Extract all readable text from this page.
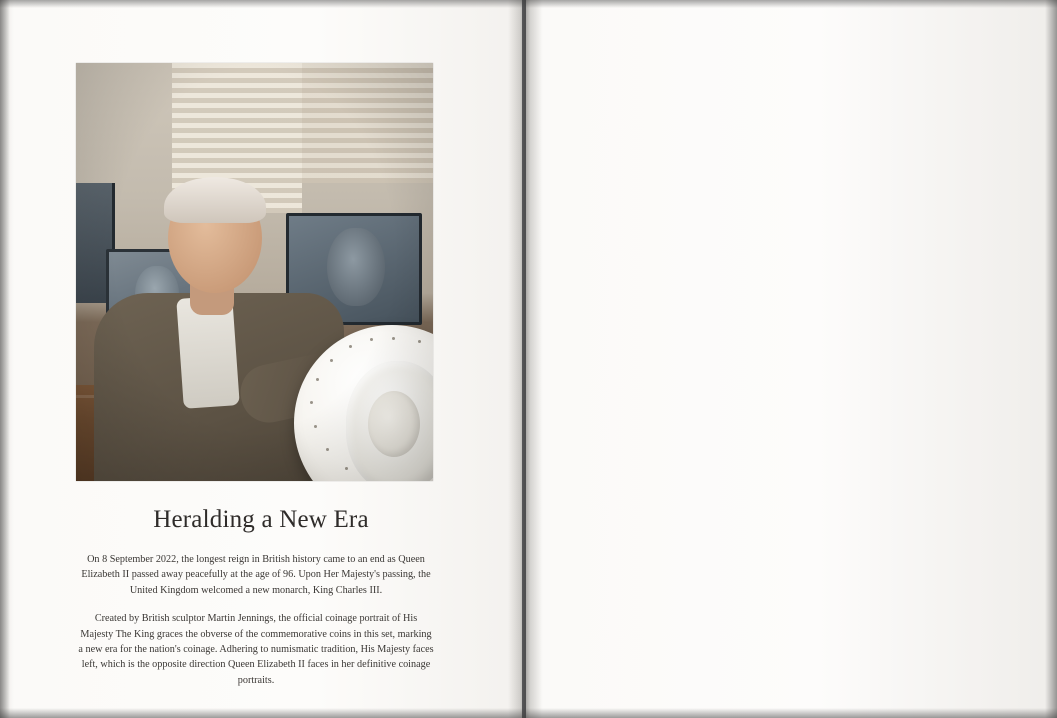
Heralding a New Era

On 8 September 2022, the longest reign in British history came to an end as Queen Elizabeth II passed away peacefully at the age of 96. Upon Her Majesty's passing, the United Kingdom welcomed a new monarch, King Charles III.

Created by British sculptor Martin Jennings, the official coinage portrait of His Majesty The King graces the obverse of the commemorative coins in this set, marking a new era for the nation's coinage. Adhering to numismatic tradition, His Majesty faces left, which is the opposite direction Queen Elizabeth II faces in her definitive coinage portraits.
